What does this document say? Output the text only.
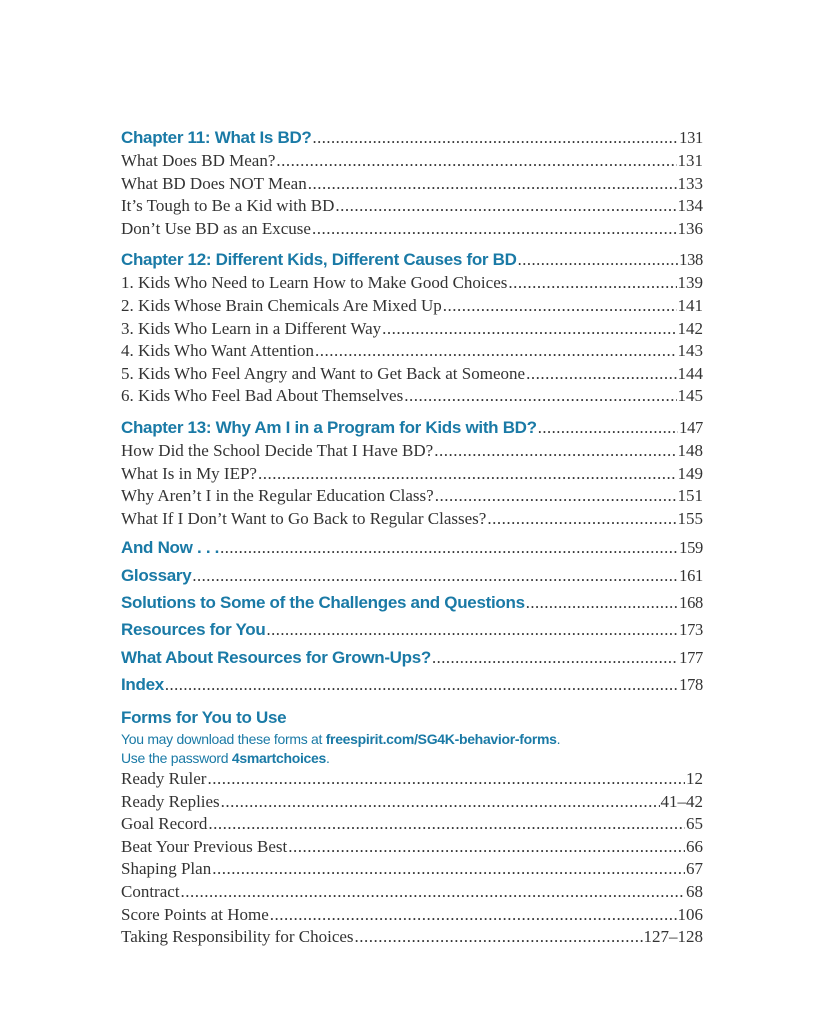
Chapter 11: What Is BD? .....	131
What Does BD Mean? .....	131
What BD Does NOT Mean .....	133
It’s Tough to Be a Kid with BD .....	134
Don’t Use BD as an Excuse .....	136
Chapter 12: Different Kids, Different Causes for BD .....	138
1. Kids Who Need to Learn How to Make Good Choices .....	139
2. Kids Whose Brain Chemicals Are Mixed Up .....	141
3. Kids Who Learn in a Different Way .....	142
4. Kids Who Want Attention .....	143
5. Kids Who Feel Angry and Want to Get Back at Someone .....	144
6. Kids Who Feel Bad About Themselves .....	145
Chapter 13: Why Am I in a Program for Kids with BD? .....	147
How Did the School Decide That I Have BD? .....	148
What Is in My IEP? .....	149
Why Aren’t I in the Regular Education Class? .....	151
What If I Don’t Want to Go Back to Regular Classes? .....	155
And Now . . . .....	159
Glossary .....	161
Solutions to Some of the Challenges and Questions .....	168
Resources for You .....	173
What About Resources for Grown-Ups? .....	177
Index .....	178
Forms for You to Use
You may download these forms at freespirit.com/SG4K-behavior-forms.
Use the password 4smartchoices.
Ready Ruler .....	12
Ready Replies .....	41–42
Goal Record .....	65
Beat Your Previous Best .....	66
Shaping Plan .....	67
Contract .....	68
Score Points at Home .....	106
Taking Responsibility for Choices .....	127–128
